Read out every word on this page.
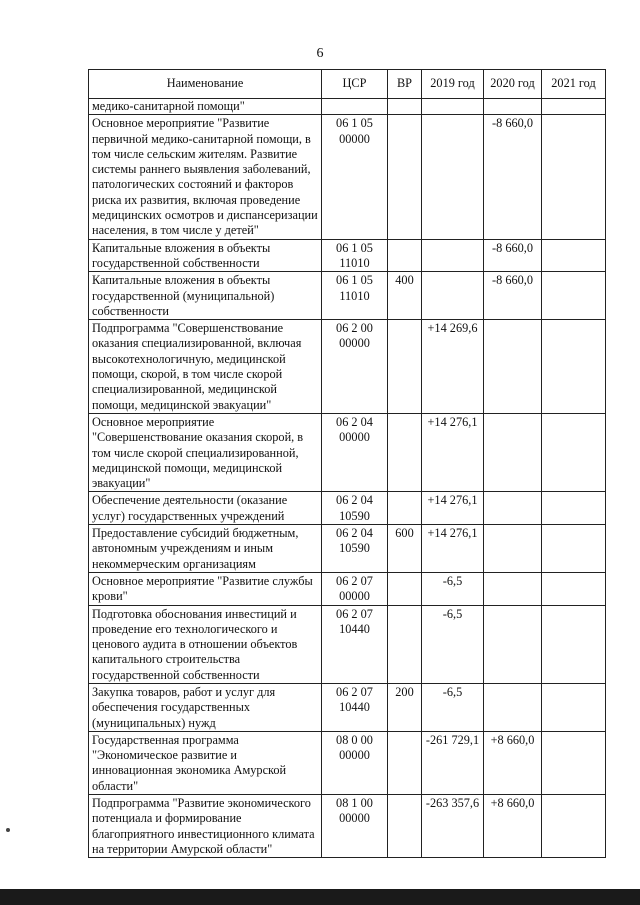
6
Наименование	ЦСР	ВР	2019 год	2020 год	2021 год
медико-санитарной помощи"					
Основное мероприятие "Развитие первичной медико-санитарной помощи, в том числе сельским жителям. Развитие системы раннего выявления заболеваний, патологических состояний и факторов риска их развития, включая проведение медицинских осмотров и диспансеризации населения, в том числе у детей"	06 1 05 00000			-8 660,0	
Капитальные вложения в объекты государственной собственности	06 1 05 11010			-8 660,0	
Капитальные вложения в объекты государственной (муниципальной) собственности	06 1 05 11010	400		-8 660,0	
Подпрограмма "Совершенствование оказания специализированной, включая высокотехнологичную, медицинской помощи, скорой, в том числе скорой специализированной, медицинской помощи, медицинской эвакуации"	06 2 00 00000		+14 269,6		
Основное мероприятие "Совершенствование оказания скорой, в том числе скорой специализированной, медицинской помощи, медицинской эвакуации"	06 2 04 00000		+14 276,1		
Обеспечение деятельности (оказание услуг) государственных учреждений	06 2 04 10590		+14 276,1		
Предоставление субсидий бюджетным, автономным учреждениям и иным некоммерческим организациям	06 2 04 10590	600	+14 276,1		
Основное мероприятие "Развитие службы крови"	06 2 07 00000		-6,5		
Подготовка обоснования инвестиций и проведение его технологического и ценового аудита в отношении объектов капитального строительства государственной собственности	06 2 07 10440		-6,5		
Закупка товаров, работ и услуг для обеспечения государственных (муниципальных) нужд	06 2 07 10440	200	-6,5		
Государственная программа "Экономическое развитие и инновационная экономика Амурской области"	08 0 00 00000		-261 729,1	+8 660,0	
Подпрограмма "Развитие экономического потенциала и формирование благоприятного инвестиционного климата на территории Амурской области"	08 1 00 00000		-263 357,6	+8 660,0	
